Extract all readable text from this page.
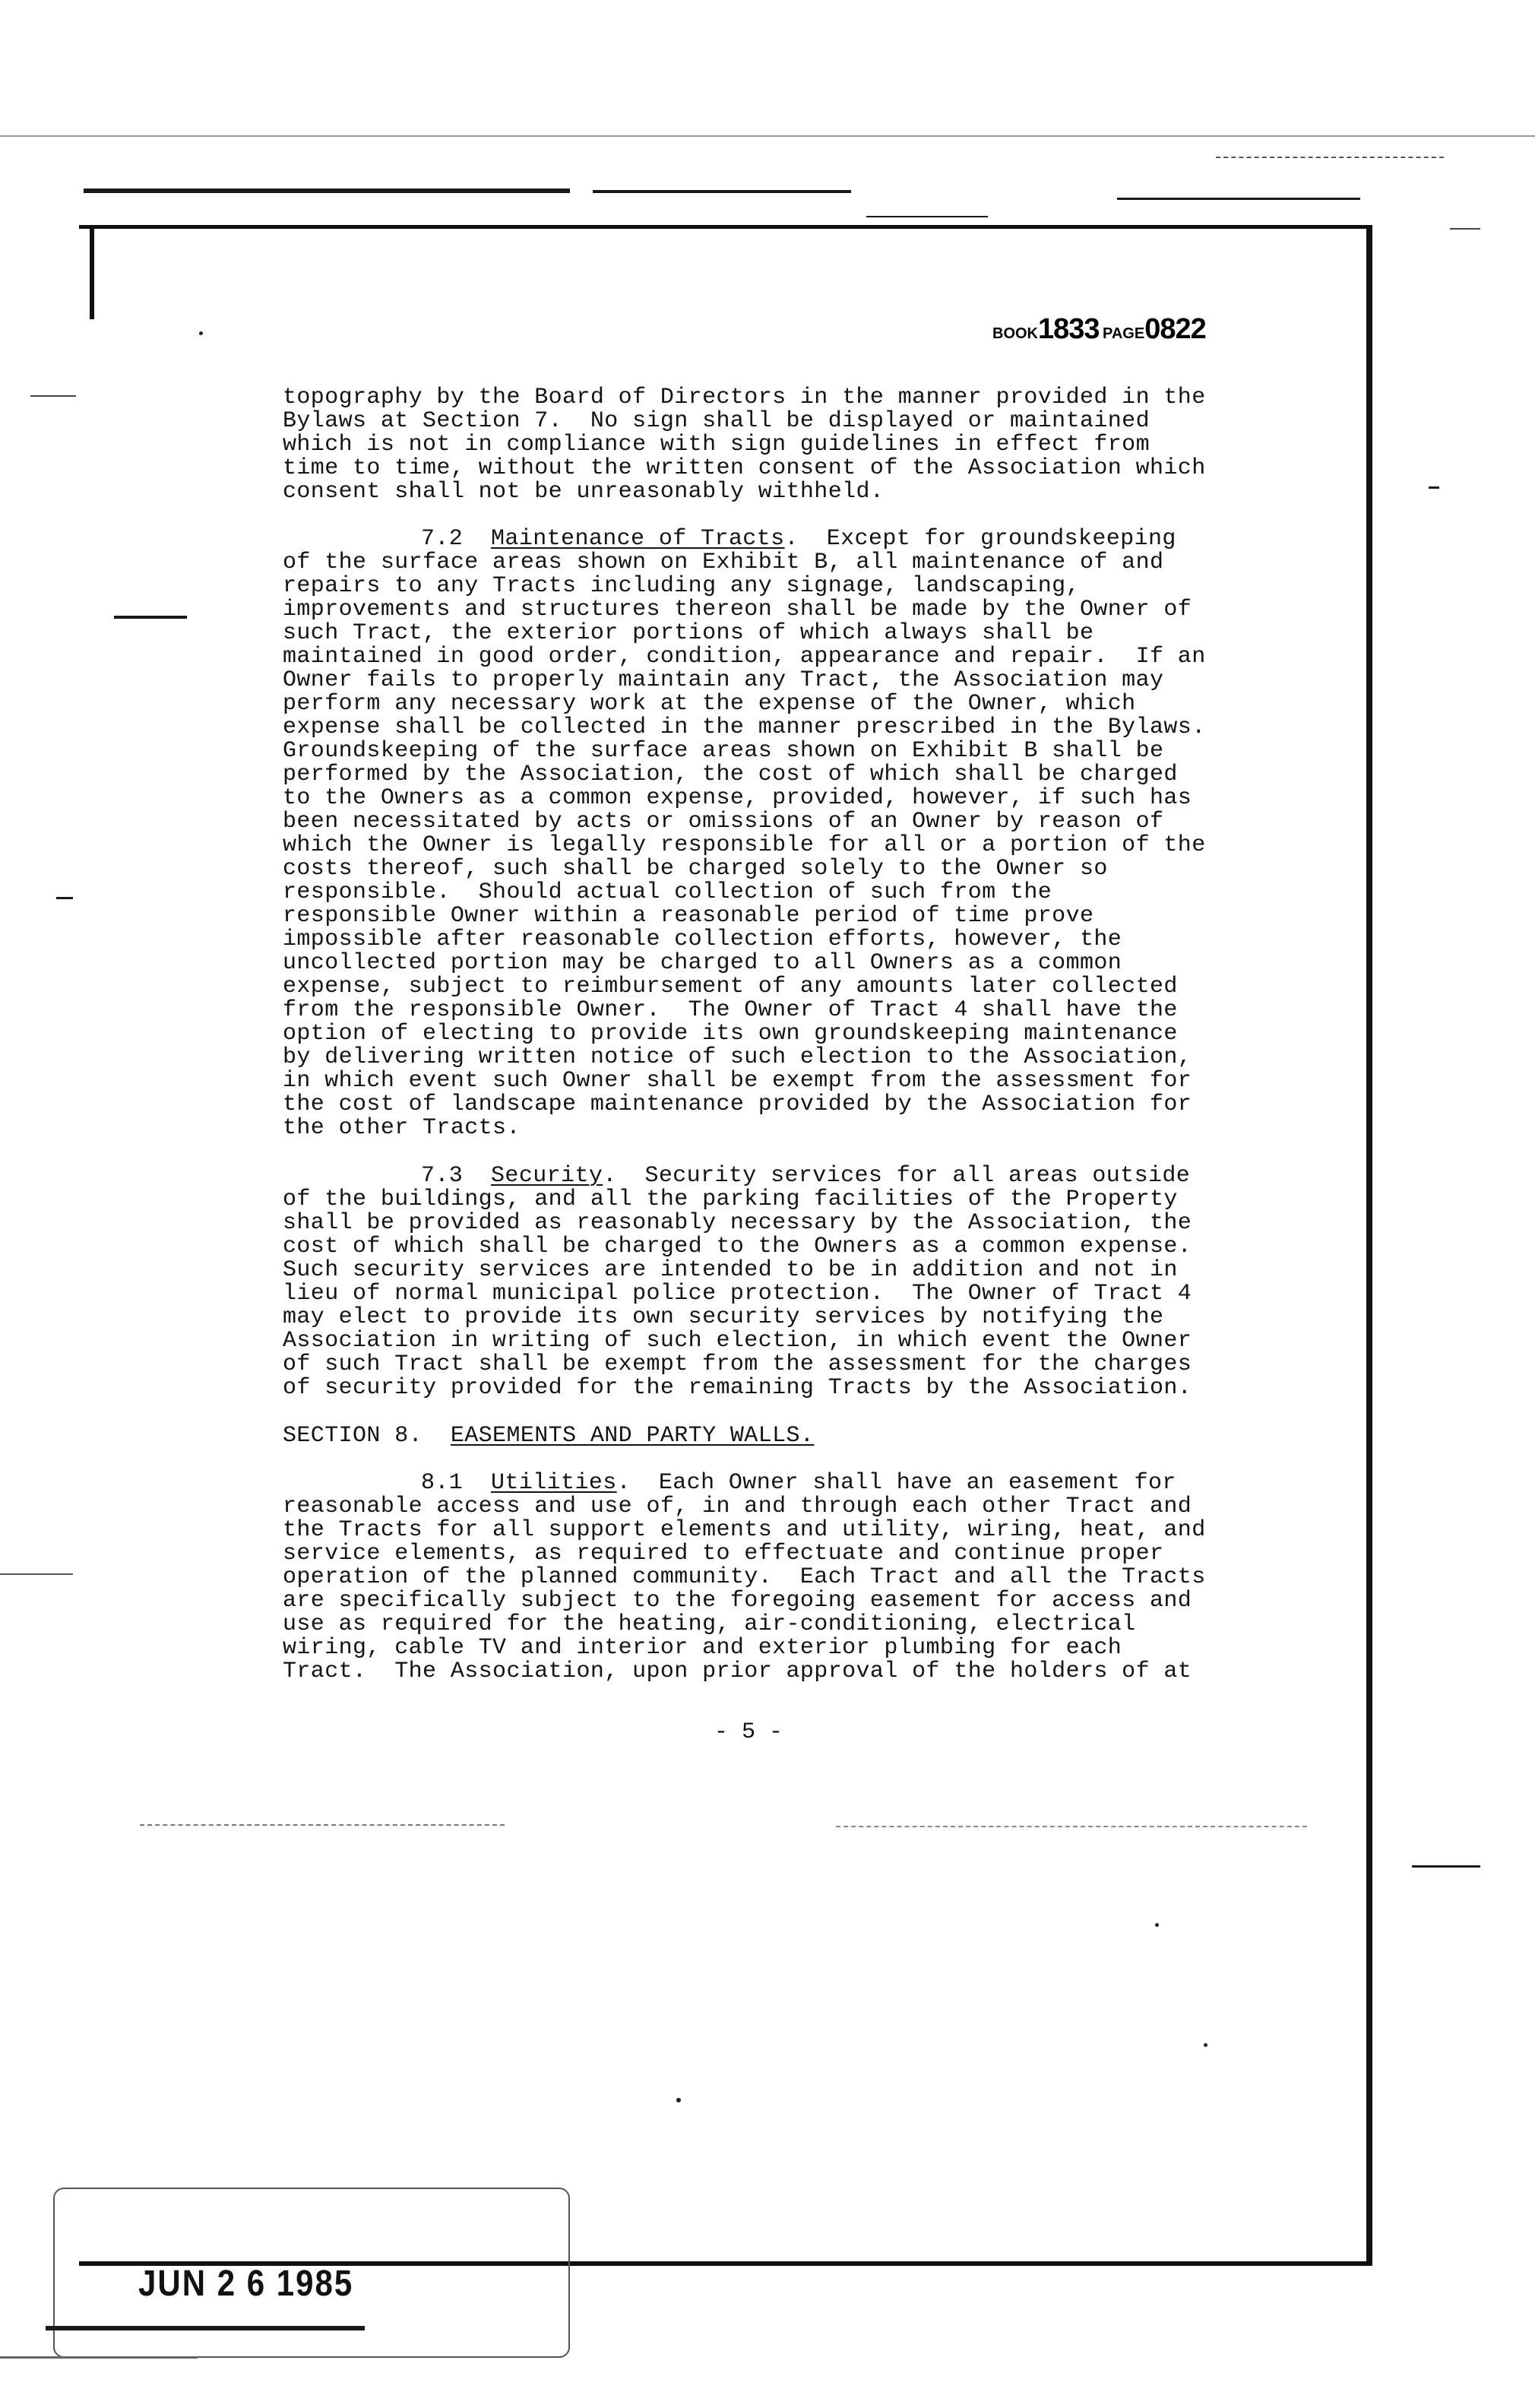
BOOK1833 PAGE0822
topography by the Board of Directors in the manner provided in the
Bylaws at Section 7.  No sign shall be displayed or maintained
which is not in compliance with sign guidelines in effect from
time to time, without the written consent of the Association which
consent shall not be unreasonably withheld.
7.2 Maintenance of Tracts.  Except for groundskeeping
of the surface areas shown on Exhibit B, all maintenance of and
repairs to any Tracts including any signage, landscaping,
improvements and structures thereon shall be made by the Owner of
such Tract, the exterior portions of which always shall be
maintained in good order, condition, appearance and repair.  If an
Owner fails to properly maintain any Tract, the Association may
perform any necessary work at the expense of the Owner, which
expense shall be collected in the manner prescribed in the Bylaws.
Groundskeeping of the surface areas shown on Exhibit B shall be
performed by the Association, the cost of which shall be charged
to the Owners as a common expense, provided, however, if such has
been necessitated by acts or omissions of an Owner by reason of
which the Owner is legally responsible for all or a portion of the
costs thereof, such shall be charged solely to the Owner so
responsible.  Should actual collection of such from the
responsible Owner within a reasonable period of time prove
impossible after reasonable collection efforts, however, the
uncollected portion may be charged to all Owners as a common
expense, subject to reimbursement of any amounts later collected
from the responsible Owner.  The Owner of Tract 4 shall have the
option of electing to provide its own groundskeeping maintenance
by delivering written notice of such election to the Association,
in which event such Owner shall be exempt from the assessment for
the cost of landscape maintenance provided by the Association for
the other Tracts.
7.3 Security.  Security services for all areas outside
of the buildings, and all the parking facilities of the Property
shall be provided as reasonably necessary by the Association, the
cost of which shall be charged to the Owners as a common expense.
Such security services are intended to be in addition and not in
lieu of normal municipal police protection.  The Owner of Tract 4
may elect to provide its own security services by notifying the
Association in writing of such election, in which event the Owner
of such Tract shall be exempt from the assessment for the charges
of security provided for the remaining Tracts by the Association.
SECTION 8. EASEMENTS AND PARTY WALLS.
8.1 Utilities.  Each Owner shall have an easement for
reasonable access and use of, in and through each other Tract and
the Tracts for all support elements and utility, wiring, heat, and
service elements, as required to effectuate and continue proper
operation of the planned community.  Each Tract and all the Tracts
are specifically subject to the foregoing easement for access and
use as required for the heating, air-conditioning, electrical
wiring, cable TV and interior and exterior plumbing for each
Tract.  The Association, upon prior approval of the holders of at
- 5 -
JUN 2 6 1985
